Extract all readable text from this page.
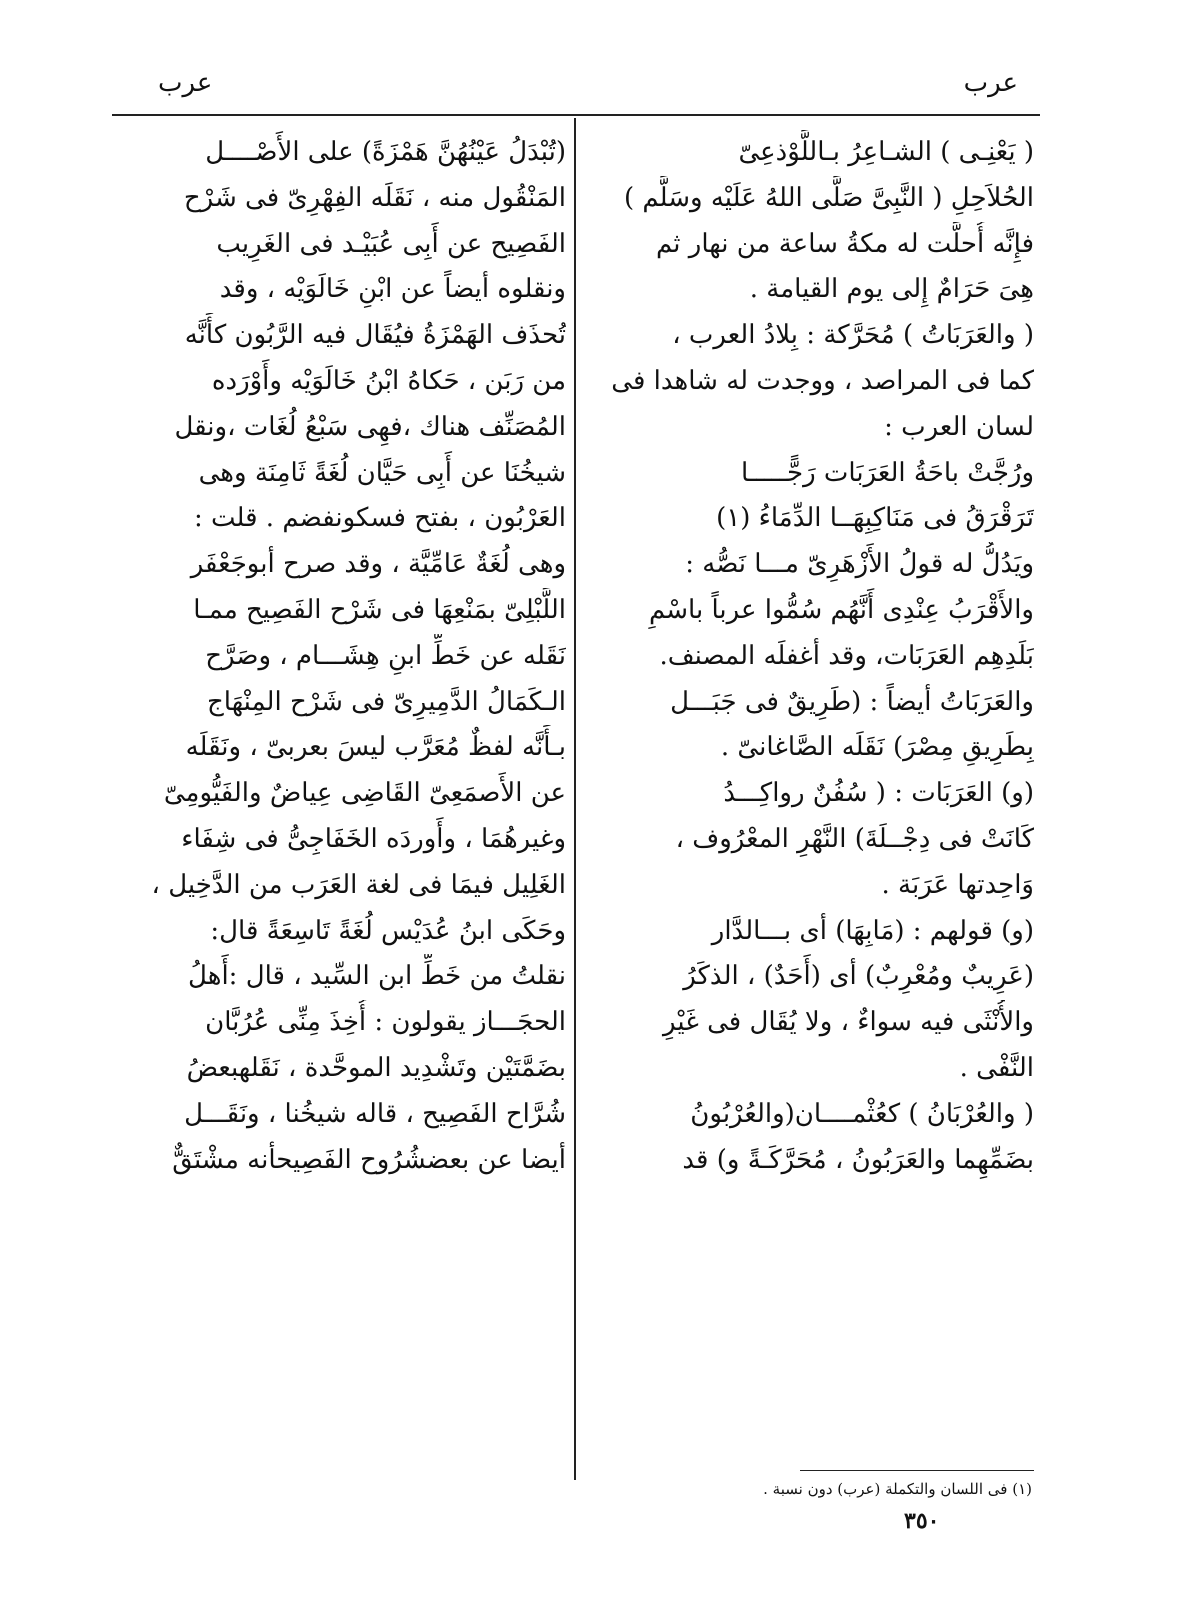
عرب
عرب
( يَعْنِـى ) الشـاعِرُ بـاللَّوْذعِىّ
الحُلاَحِلِ ( النَّبِىَّ صَلَّى اللهُ عَلَيْه وسَلَّم )
فإِنَّه أُحلَّت له مكةُ ساعة من نهار ثم
هِىَ حَرَامٌ إِلى يوم القيامة .
( والعَرَبَاتُ ) مُحَرَّكة : بِلادُ العرب ،
كما فى المراصد ، ووجدت له شاهدا فى
لسان العرب :
ورُجَّتْ باحَةُ العَرَبَات رَجًّـــــا
تَرَقْرَقُ فى مَنَاكِبِهَــا الدِّمَاءُ (١)
ويَدُلُّ له قولُ الأَزْهَرِىّ مـــا نَصُّه :
والأَقْرَبُ عِنْدِى أَنَّهُم سُمُّوا عرباً باسْمِ
بَلَدِهِم العَرَبَات، وقد أغفلَه المصنف.
والعَرَبَاتُ أيضاً : (طَرِيقٌ فى جَبَـــل
بِطَرِيقِ مِصْرَ) نَقَلَه الصَّاغانىّ .
(و) العَرَبَات : ( سُفُنٌ رواكِـــدُ
كَانَتْ فى دِجْــلَةَ) النَّهْرِ المعْرُوف ،
وَاحِدتها عَرَبَة .
(و) قولهم : (مَابِهَا) أى بـــالدَّار
(عَرِيبٌ ومُعْرِبٌ) أى (أَحَدٌ) ، الذكَرُ
والأُنْثَى فيه سواءٌ ، ولا يُقَال فى غَيْرِ
النَّفْى .
( والعُرْبَانُ ) كعُثْمــــان(والعُرْبُونُ
بضَمِّهِما والعَرَبُونُ ، مُحَرَّكَـةً و) قد
(تُبْدَلُ عَيْنُهُنَّ هَمْزَةً) على الأَصْــــل
المَنْقُول منه ، نَقَلَه الفِهْرِىّ فى شَرْح
الفَصِيح عن أَبِى عُبَيْـد فى الغَرِيب
ونقلوه أيضاً عن ابْنِ خَالَوَيْه ، وقد
تُحذَف الهَمْزَةُ فيُقَال فيه الرَّبُون كأَنَّه
من رَبَن ، حَكاهُ ابْنُ خَالَوَيْه وأَوْرَده
المُصَنِّف هناك ،فهِى سَبْعُ لُغَات ،ونقل
شيخُنَا عن أَبِى حَيَّان لُغَةً ثَامِنَة وهى
العَرْبُون ، بفتح فسكونفضم . قلت :
وهى لُغَةٌ عَامِّيَّة ، وقد صرح أبوجَعْفَر
اللَّبْلِىّ بمَنْعِهَا فى شَرْح الفَصِيح ممـا
نَقَله عن خَطِّ ابنِ هِشَـــام ، وصَرَّح
الـكَمَالُ الدَّمِيرِىّ فى شَرْح المِنْهَاج
بـأَنَّه لفظٌ مُعَرَّب ليسَ بعربىّ ، ونَقَلَه
عن الأَصمَعِىّ القَاضِى عِياضٌ والفَيُّومِىّ
وغيرهُمَا ، وأَوردَه الخَفَاجِىُّ فى شِفَاء
الغَلِيل فيمَا فى لغة العَرَب من الدَّخِيل ،
وحَكَى ابنُ عُدَيْس لُغَةً تَاسِعَةً قال:
نقلتُ من خَطِّ ابن السِّيد ، قال :أَهلُ
الحجَـــاز يقولون : أُخِذَ مِنِّى عُرُبَّان
بضَمَّتَيْن وتَشْدِيد الموحَّدة ، نَقَلهبعضُ
شُرَّاح الفَصِيح ، قاله شيخُنا ، ونَقَـــل
أيضا عن بعضشُرُوح الفَصِيحأنه مشْتَقٌّ
(١) فى اللسان والتكملة (عرب) دون نسبة .
٣٥٠
